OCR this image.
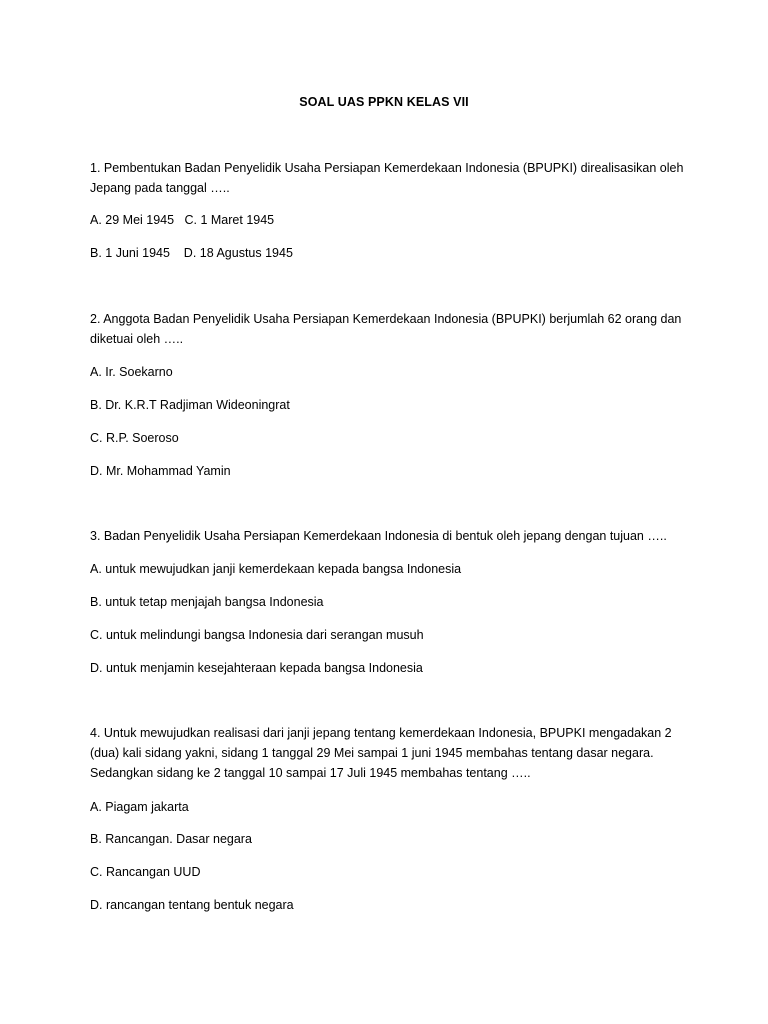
SOAL UAS PPKN KELAS VII
1. Pembentukan Badan Penyelidik Usaha Persiapan Kemerdekaan Indonesia (BPUPKI) direalisasikan oleh Jepang pada tanggal …..
A. 29 Mei 1945   C. 1 Maret 1945
B. 1 Juni 1945    D. 18 Agustus 1945
2. Anggota Badan Penyelidik Usaha Persiapan Kemerdekaan Indonesia (BPUPKI) berjumlah 62 orang dan diketuai oleh …..
A. Ir. Soekarno
B. Dr. K.R.T Radjiman Wideoningrat
C. R.P. Soeroso
D. Mr. Mohammad Yamin
3. Badan Penyelidik Usaha Persiapan Kemerdekaan Indonesia di bentuk oleh jepang dengan tujuan …..
A. untuk mewujudkan janji kemerdekaan kepada bangsa Indonesia
B. untuk tetap menjajah bangsa Indonesia
C. untuk melindungi bangsa Indonesia dari serangan musuh
D. untuk menjamin kesejahteraan kepada bangsa Indonesia
4. Untuk mewujudkan realisasi dari janji jepang tentang kemerdekaan Indonesia, BPUPKI mengadakan 2 (dua) kali sidang yakni, sidang 1 tanggal 29 Mei sampai 1 juni 1945 membahas tentang dasar negara. Sedangkan sidang ke 2 tanggal 10 sampai 17 Juli 1945 membahas tentang …..
A. Piagam jakarta
B. Rancangan. Dasar negara
C. Rancangan UUD
D. rancangan tentang bentuk negara
